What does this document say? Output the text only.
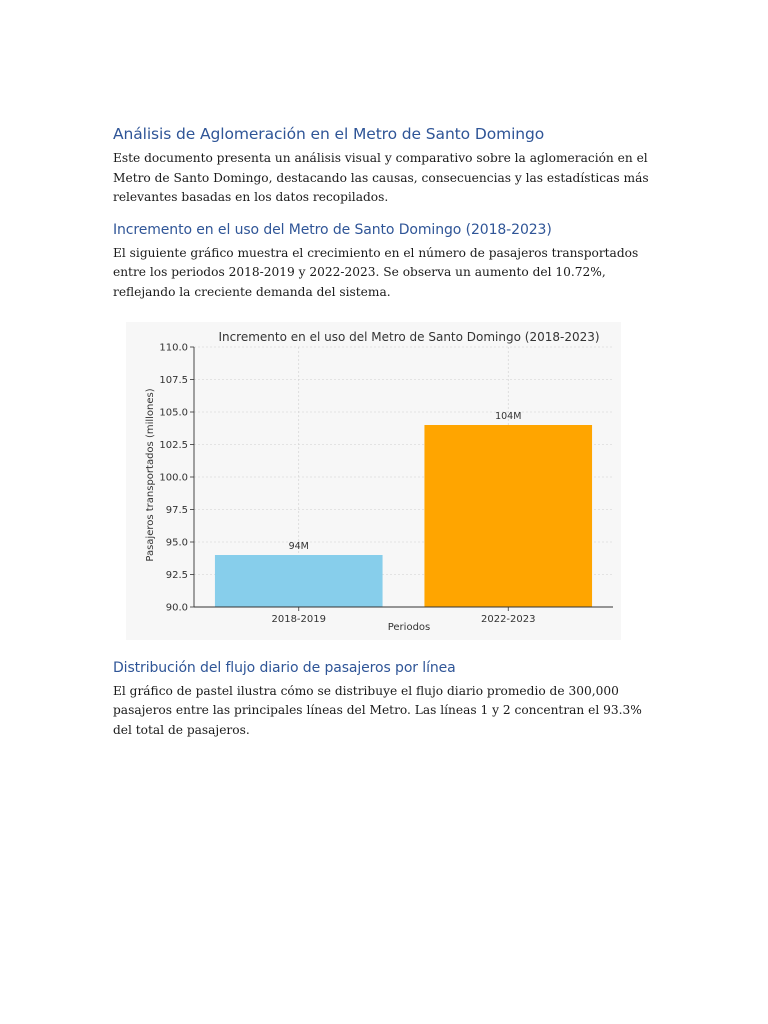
Análisis de Aglomeración en el Metro de Santo Domingo

Este documento presenta un análisis visual y comparativo sobre la aglomeración en el Metro de Santo Domingo, destacando las causas, consecuencias y las estadísticas más relevantes basadas en los datos recopilados.

Incremento en el uso del Metro de Santo Domingo (2018-2023)

El siguiente gráfico muestra el crecimiento en el número de pasajeros transportados entre los periodos 2018-2019 y 2022-2023. Se observa un aumento del 10.72%, reflejando la creciente demanda del sistema.

94M
104M
90.0
92.5
95.0
97.5
100.0
102.5
105.0
107.5
110.0
2018-2019	2022-2023
Incremento en el uso del Metro de Santo Domingo (2018-2023)
Periodos
Pasajeros transportados (millones)
Distribución del flujo diario de pasajeros por línea

El gráfico de pastel ilustra cómo se distribuye el flujo diario promedio de 300,000 pasajeros entre las principales líneas del Metro. Las líneas 1 y 2 concentran el 93.3% del total de pasajeros.
